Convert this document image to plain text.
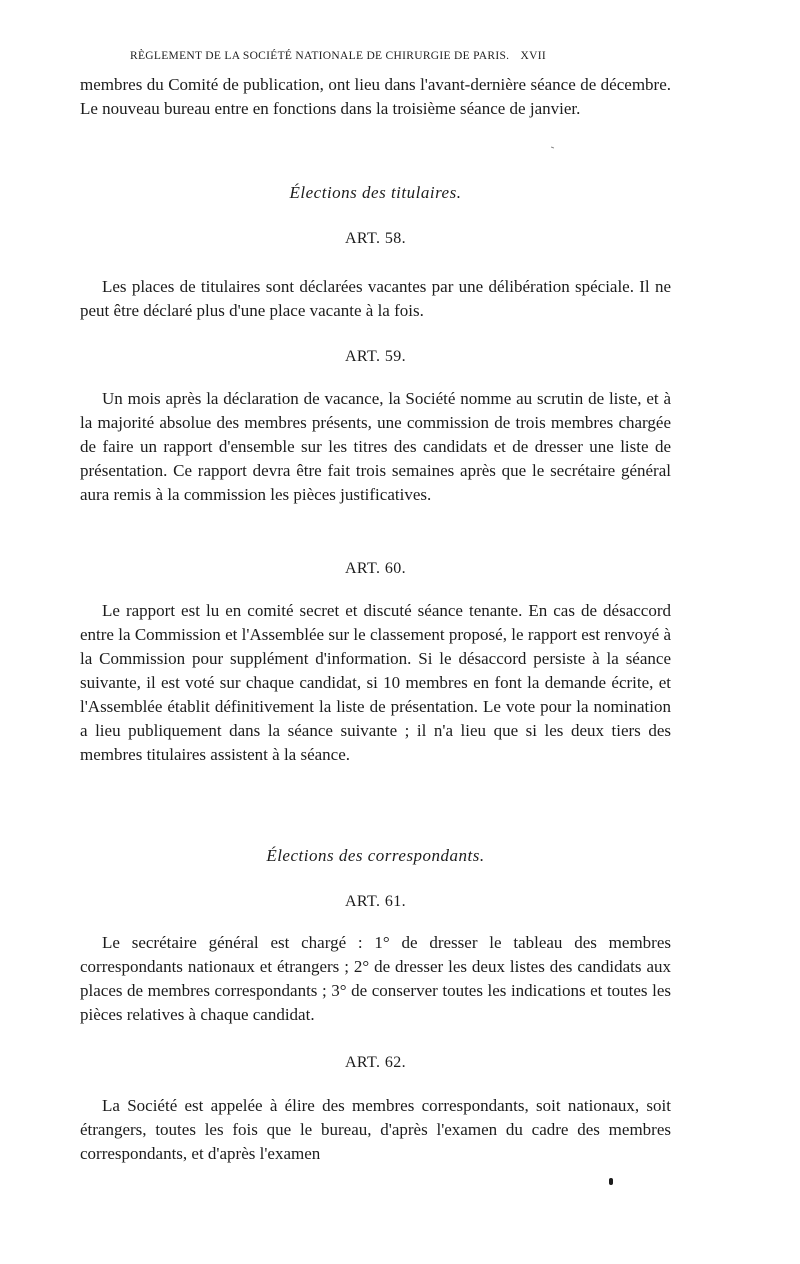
RÈGLEMENT DE LA SOCIÉTÉ NATIONALE DE CHIRURGIE DE PARIS. XVII

membres du Comité de publication, ont lieu dans l'avant-dernière séance de décembre. Le nouveau bureau entre en fonctions dans la troisième séance de janvier.

Élections des titulaires.
ART. 58.

Les places de titulaires sont déclarées vacantes par une délibération spéciale. Il ne peut être déclaré plus d'une place vacante à la fois.

ART. 59.

Un mois après la déclaration de vacance, la Société nomme au scrutin de liste, et à la majorité absolue des membres présents, une commission de trois membres chargée de faire un rapport d'ensemble sur les titres des candidats et de dresser une liste de présentation. Ce rapport devra être fait trois semaines après que le secrétaire général aura remis à la commission les pièces justificatives.

ART. 60.

Le rapport est lu en comité secret et discuté séance tenante. En cas de désaccord entre la Commission et l'Assemblée sur le classement proposé, le rapport est renvoyé à la Commission pour supplément d'information. Si le désaccord persiste à la séance suivante, il est voté sur chaque candidat, si 10 membres en font la demande écrite, et l'Assemblée établit définitivement la liste de présentation. Le vote pour la nomination a lieu publiquement dans la séance suivante ; il n'a lieu que si les deux tiers des membres titulaires assistent à la séance.

Élections des correspondants.
ART. 61.

Le secrétaire général est chargé : 1° de dresser le tableau des membres correspondants nationaux et étrangers ; 2° de dresser les deux listes des candidats aux places de membres correspondants ; 3° de conserver toutes les indications et toutes les pièces relatives à chaque candidat.

ART. 62.

La Société est appelée à élire des membres correspondants, soit nationaux, soit étrangers, toutes les fois que le bureau, d'après l'examen du cadre des membres correspondants, et d'après l'examen
